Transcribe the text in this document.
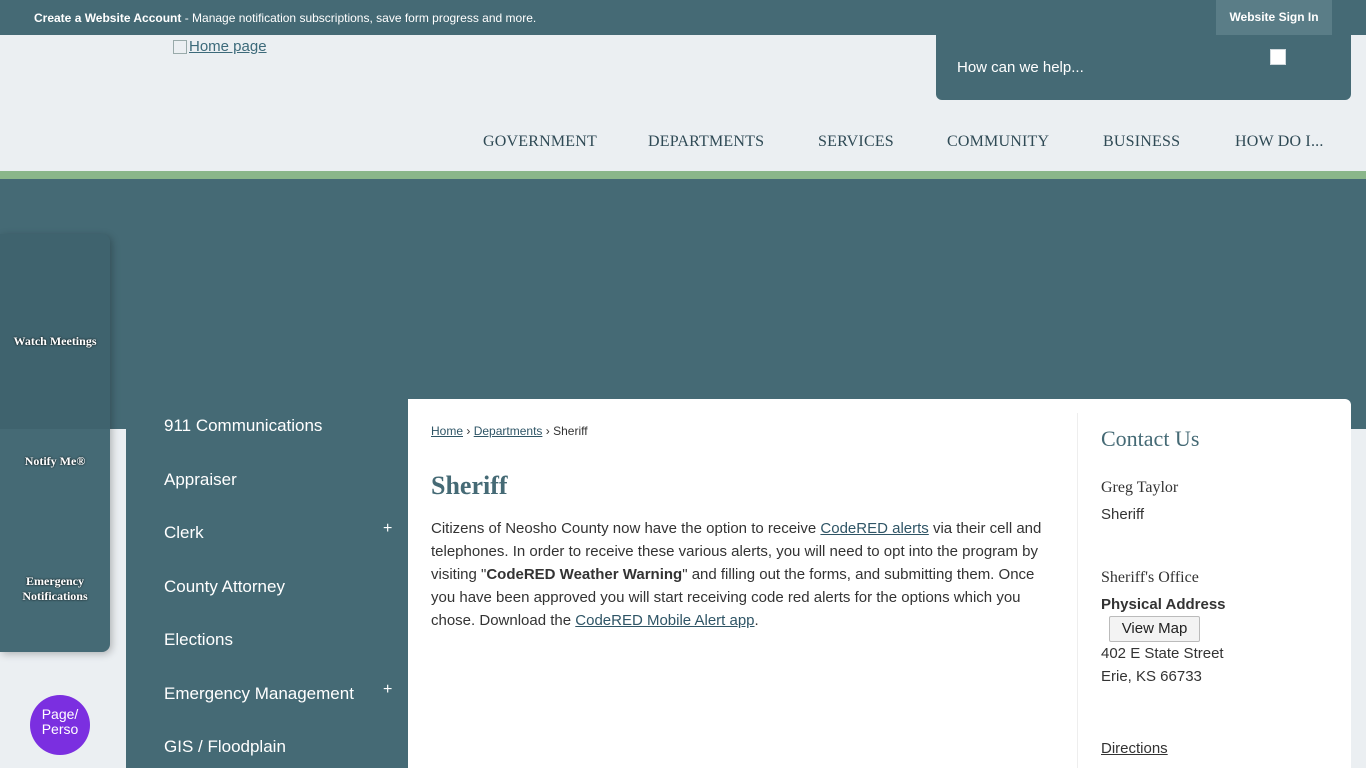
Create a Website Account - Manage notification subscriptions, save form progress and more.	Website Sign In
Home page
How can we help...
GOVERNMENT	DEPARTMENTS	SERVICES	COMMUNITY	BUSINESS	HOW DO I...
Watch Meetings
Notify Me®
Emergency Notifications
Page/ Perso
911 Communications
Appraiser
Clerk	+
County Attorney
Elections
Emergency Management +
GIS / Floodplain
Home › Departments › Sheriff
Sheriff

Citizens of Neosho County now have the option to receive CodeRED alerts via their cell and telephones. In order to receive these various alerts, you will need to opt into the program by visiting "CodeRED Weather Warning" and filling out the forms, and submitting them. Once you have been approved you will start receiving code red alerts for the options which you chose. Download the CodeRED Mobile Alert app.

Contact Us
Greg Taylor
Sheriff
Sheriff's Office
Physical Address
View Map
402 E State Street
Erie, KS 66733
Directions
